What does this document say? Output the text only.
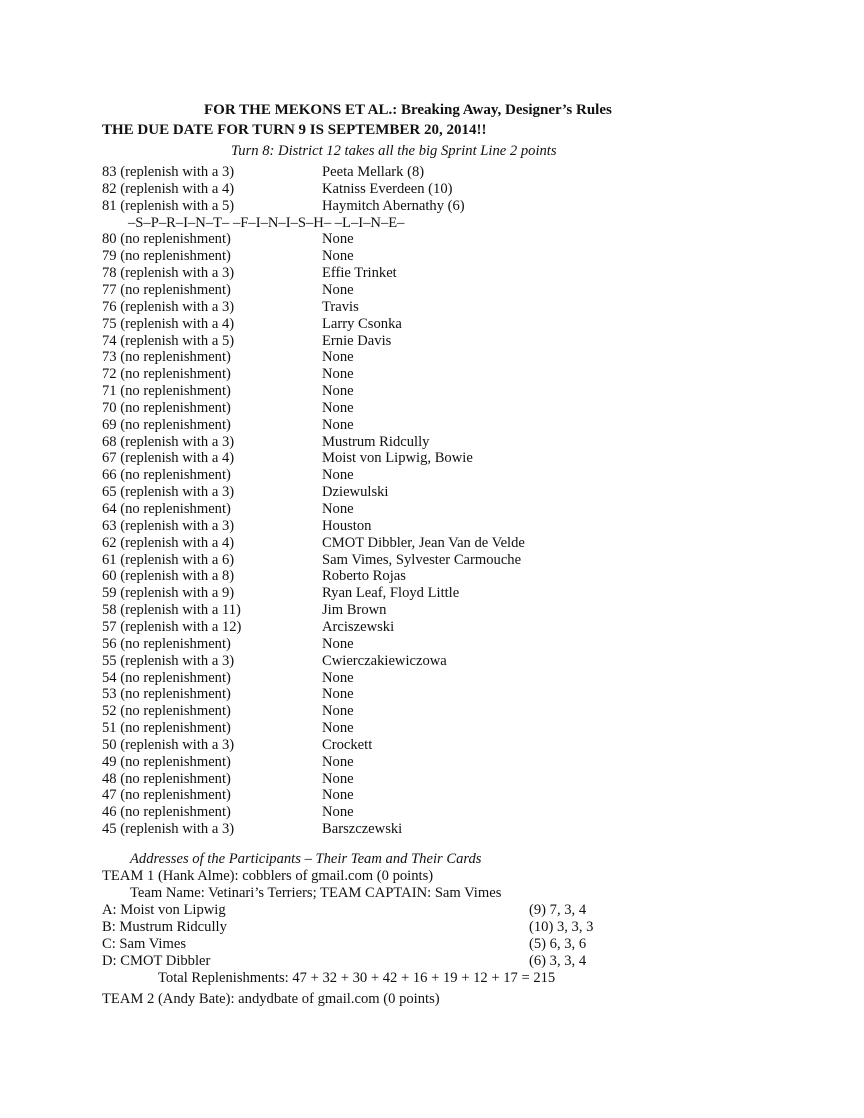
FOR THE MEKONS ET AL.: Breaking Away, Designer’s Rules
THE DUE DATE FOR TURN 9 IS SEPTEMBER 20, 2014!!
Turn 8: District 12 takes all the big Sprint Line 2 points
83 (replenish with a 3)	Peeta Mellark (8)
82 (replenish with a 4)	Katniss Everdeen (10)
81 (replenish with a 5)	Haymitch Abernathy (6)
–S–P–R–I–N–T– –F–I–N–I–S–H– –L–I–N–E–
80 (no replenishment)	None
79 (no replenishment)	None
78 (replenish with a 3)	Effie Trinket
77 (no replenishment)	None
76 (replenish with a 3)	Travis
75 (replenish with a 4)	Larry Csonka
74 (replenish with a 5)	Ernie Davis
73 (no replenishment)	None
72 (no replenishment)	None
71 (no replenishment)	None
70 (no replenishment)	None
69 (no replenishment)	None
68 (replenish with a 3)	Mustrum Ridcully
67 (replenish with a 4)	Moist von Lipwig, Bowie
66 (no replenishment)	None
65 (replenish with a 3)	Dziewulski
64 (no replenishment)	None
63 (replenish with a 3)	Houston
62 (replenish with a 4)	CMOT Dibbler, Jean Van de Velde
61 (replenish with a 6)	Sam Vimes, Sylvester Carmouche
60 (replenish with a 8)	Roberto Rojas
59 (replenish with a 9)	Ryan Leaf, Floyd Little
58 (replenish with a 11)	Jim Brown
57 (replenish with a 12)	Arciszewski
56 (no replenishment)	None
55 (replenish with a 3)	Cwierczakiewiczowa
54 (no replenishment)	None
53 (no replenishment)	None
52 (no replenishment)	None
51 (no replenishment)	None
50 (replenish with a 3)	Crockett
49 (no replenishment)	None
48 (no replenishment)	None
47 (no replenishment)	None
46 (no replenishment)	None
45 (replenish with a 3)	Barszczewski
Addresses of the Participants – Their Team and Their Cards
TEAM 1 (Hank Alme): cobblers of gmail.com (0 points)
Team Name: Vetinari’s Terriers; TEAM CAPTAIN: Sam Vimes
A: Moist von Lipwig	(9) 7, 3, 4
B: Mustrum Ridcully	(10) 3, 3, 3
C: Sam Vimes	(5) 6, 3, 6
D: CMOT Dibbler	(6) 3, 3, 4
Total Replenishments: 47 + 32 + 30 + 42 + 16 + 19 + 12 + 17 = 215
TEAM 2 (Andy Bate): andydbate of gmail.com (0 points)
